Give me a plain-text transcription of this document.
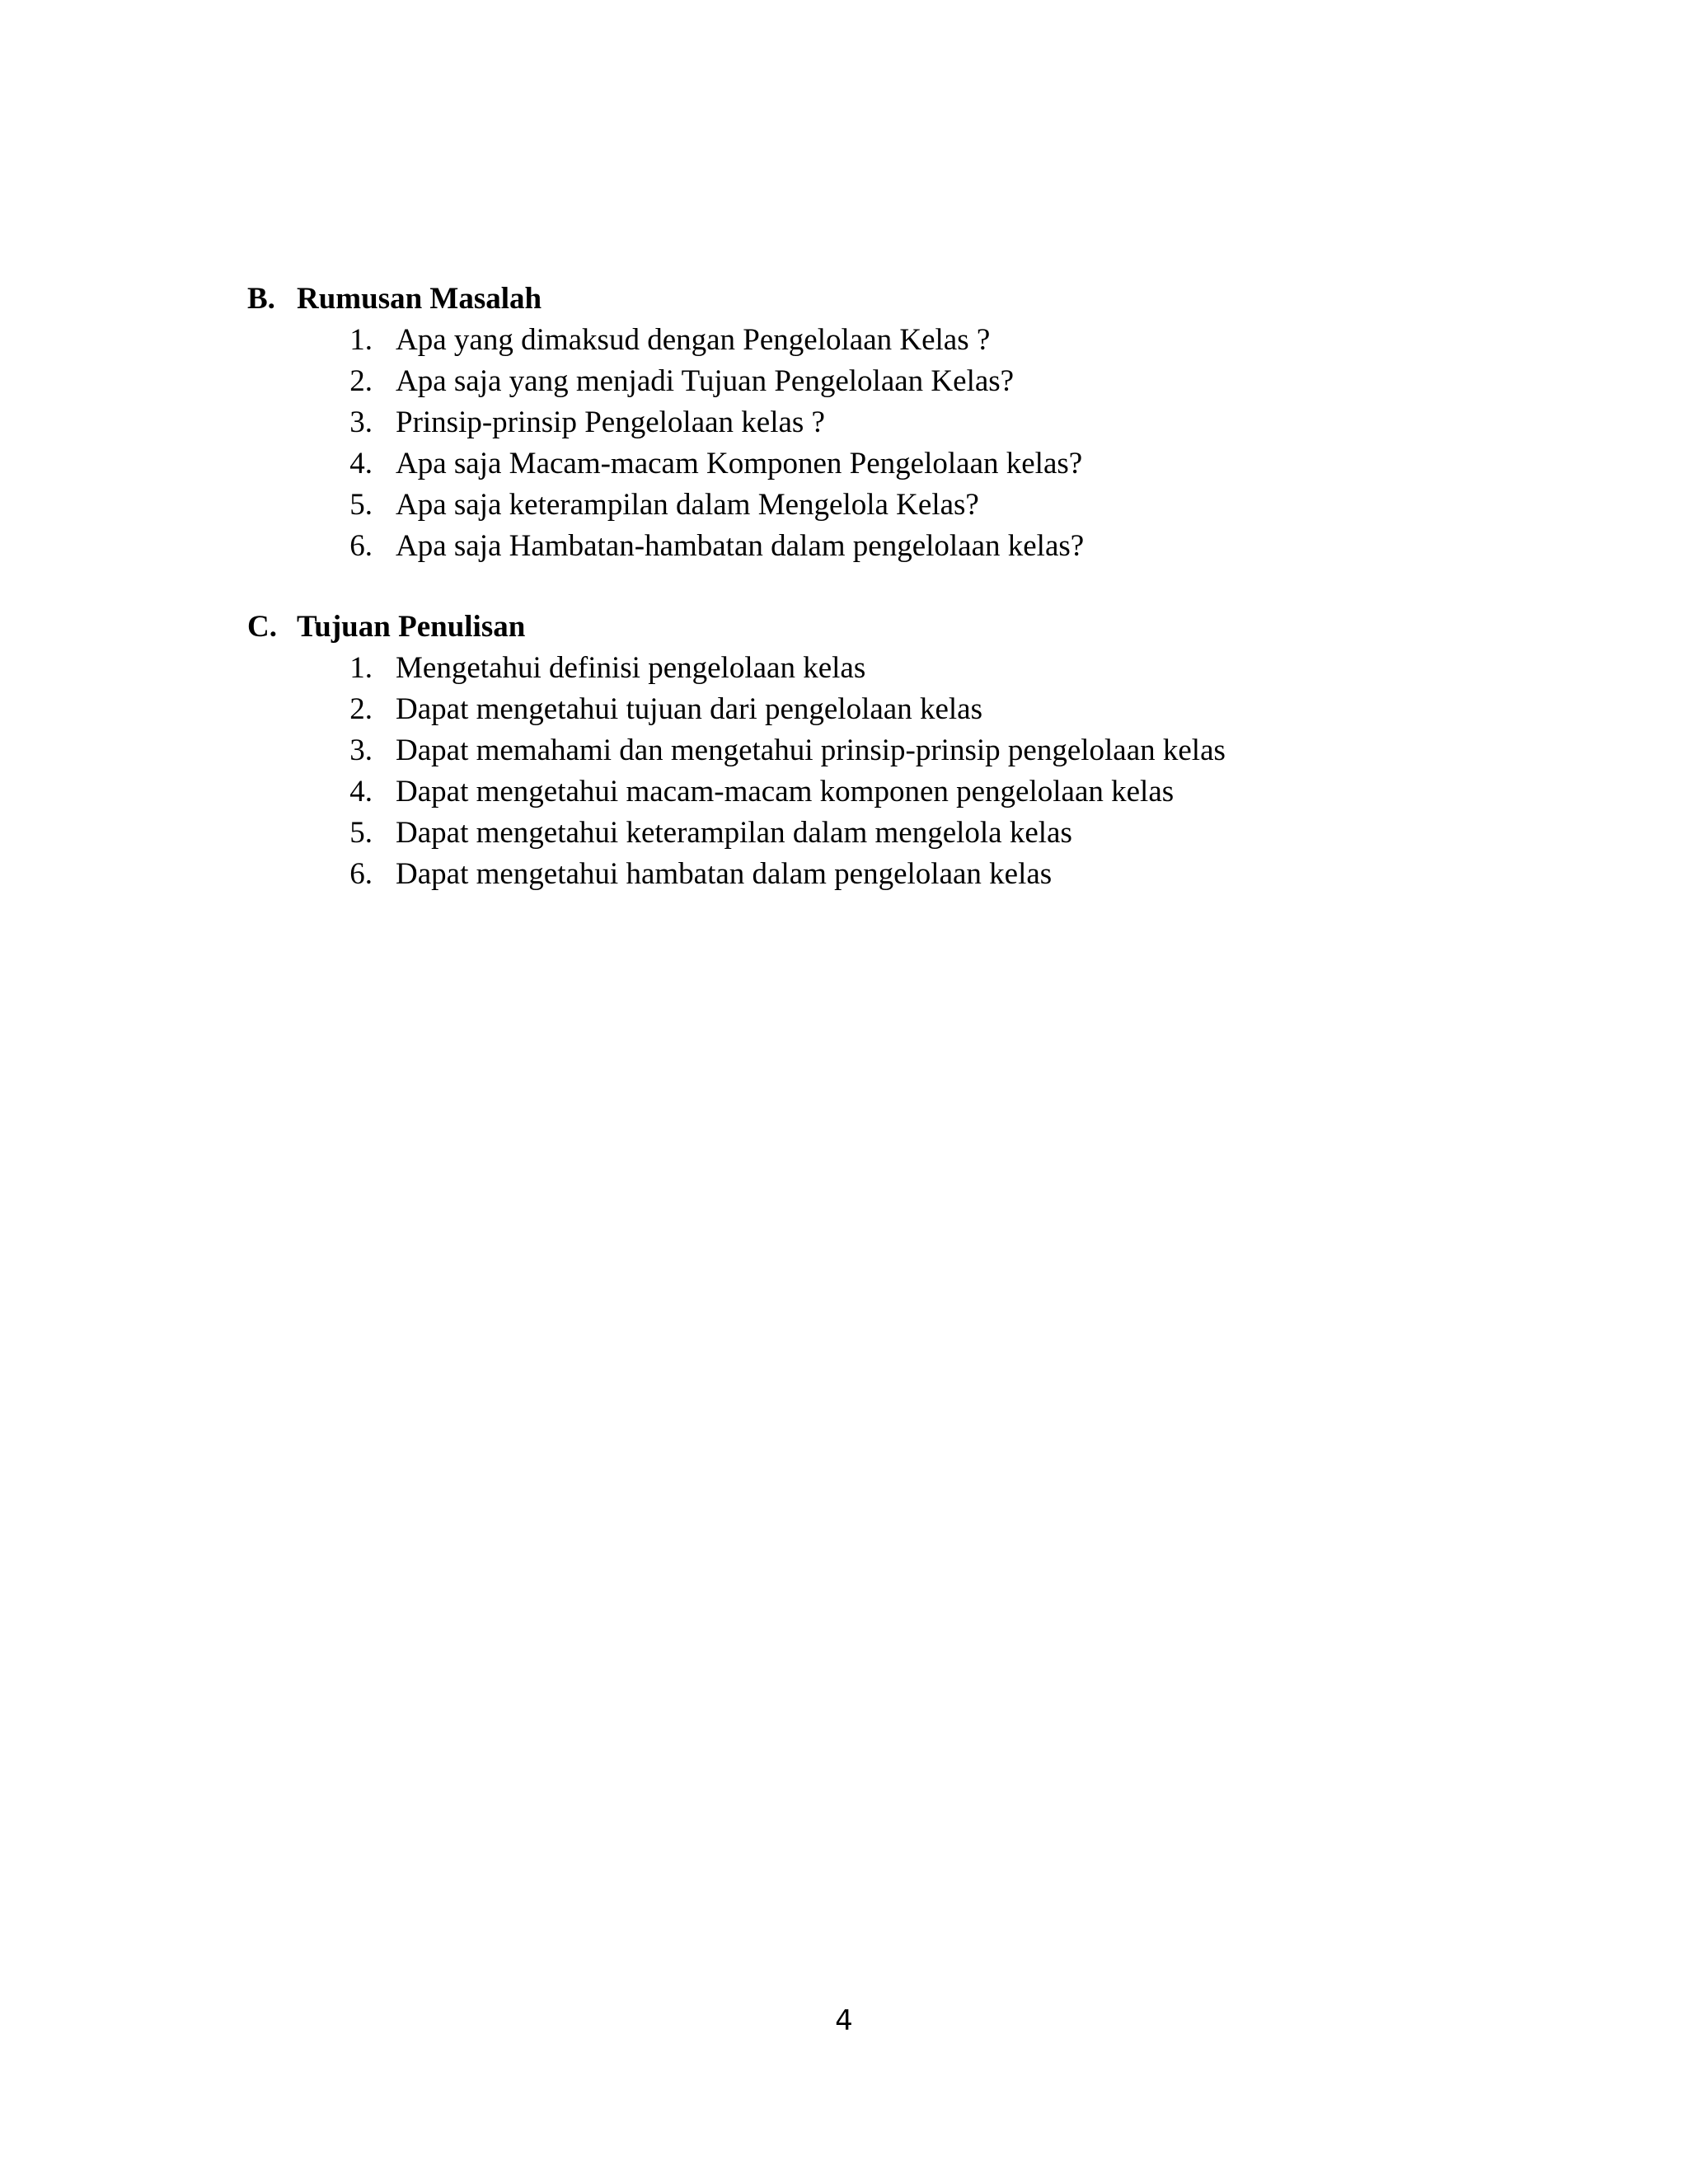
B. Rumusan Masalah
1. Apa yang dimaksud dengan Pengelolaan Kelas ?
2. Apa saja yang menjadi Tujuan Pengelolaan Kelas?
3. Prinsip-prinsip Pengelolaan kelas ?
4. Apa saja Macam-macam Komponen Pengelolaan kelas?
5. Apa saja keterampilan dalam Mengelola Kelas?
6. Apa saja Hambatan-hambatan dalam pengelolaan kelas?
C. Tujuan Penulisan
1. Mengetahui definisi pengelolaan kelas
2. Dapat mengetahui tujuan dari pengelolaan kelas
3. Dapat memahami dan mengetahui prinsip-prinsip pengelolaan kelas
4. Dapat mengetahui macam-macam komponen pengelolaan kelas
5. Dapat mengetahui keterampilan dalam mengelola kelas
6. Dapat mengetahui hambatan dalam pengelolaan kelas
4
